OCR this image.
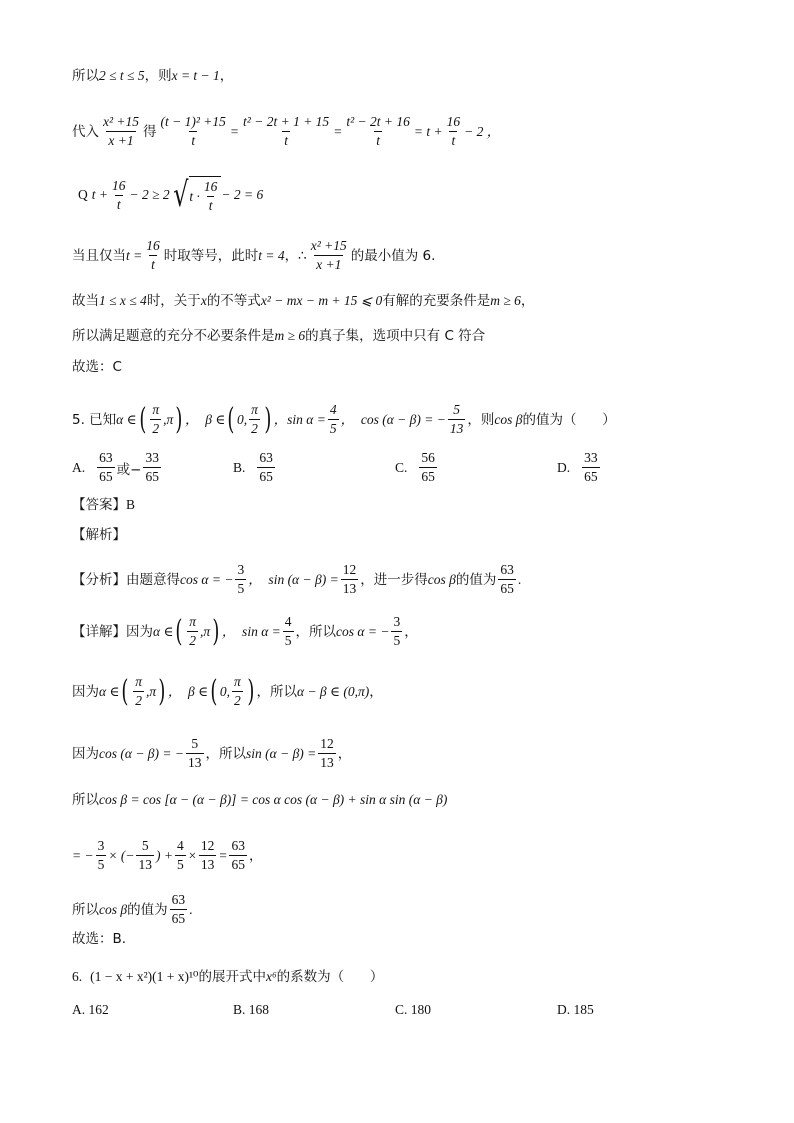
所以 2 ≤ t ≤ 5 ，则 x = t − 1 ，
代入 $\frac{\text{x² +15}}{x +1}$ 得 $\frac{\text{(t − 1)² +15}}{t} = \frac{\text{t² − 2t + 1 + 15}}{t} = \frac{\text{t² − 2t + 16}}{t} = t + \frac{16}{t} - 2$ ，
Q $t + \frac{16}{t} - 2 \ge 2$ √ $t \cdot \frac{16}{t} - 2 = 6$
当且仅当 $t = \frac{16}{t}$ 时取等号，此时 t = 4 ，∴ $\frac{\text{x² +15}}{x +1}$ 的最小值为 6.
故当 1 ≤ x ≤ 4 时，关于 x 的不等式 x² − mx − m + 15 ⩽ 0 有解的充要条件是 m ≥ 6 ，
所以满足题意的充分不必要条件是 m ≥ 6 的真子集，选项中只有 C 符合
故选：C
5. 已知 α ∈ ( $\frac{\pi}{2} ,\pi$ ) ，  β ∈ ( 0, $\frac{\pi}{2}$ ) ，$\sin \alpha = \frac{4}{5}$ ，  cos (α − β) = − $\frac{5}{13}$ ，则 cos β 的值为（      ）
A. $\frac{63}{65}$ 或− $\frac{33}{65}$	B. $\frac{63}{65}$	C. $\frac{56}{65}$	D. $\frac{33}{65}$
【答案】 B
【解析】
【分析】 由题意得 cos α = − $\frac{3}{5}$ ，  $\sin (\alpha - \beta) = \frac{12}{13}$ ，进一步得 cos β 的值为 $\frac{63}{65}$ .
【详解】 因为 α ∈ ( $\frac{\pi}{2} ,\pi$ ) ，  $\sin \alpha = \frac{4}{5}$ ，所以 cos α = − $\frac{3}{5}$ ，
因为 α ∈ ( $\frac{\pi}{2} ,\pi$ ) ，  β ∈ ( 0, $\frac{\pi}{2}$ ) ，所以 α − β ∈ (0,π) ，
因为 cos (α − β) = − $\frac{5}{13}$ ，所以 $\sin (\alpha - \beta) = \frac{12}{13}$ ，
所以 cos β = cos [α − (α − β)] = cos α cos (α − β) + sin α sin (α − β)
= − $\frac{3}{5}$ × (− $\frac{5}{13}$ ) + $\frac{4}{5} \times \frac{12}{13} = \frac{63}{65}$ ，
所以 cos β 的值为 $\frac{63}{65}$ .
故选：B.
6. (1 − x + x²)(1 + x)¹⁰ 的展开式中 x⁶ 的系数为（      ）
A. 162	B. 168	C. 180	D. 185
